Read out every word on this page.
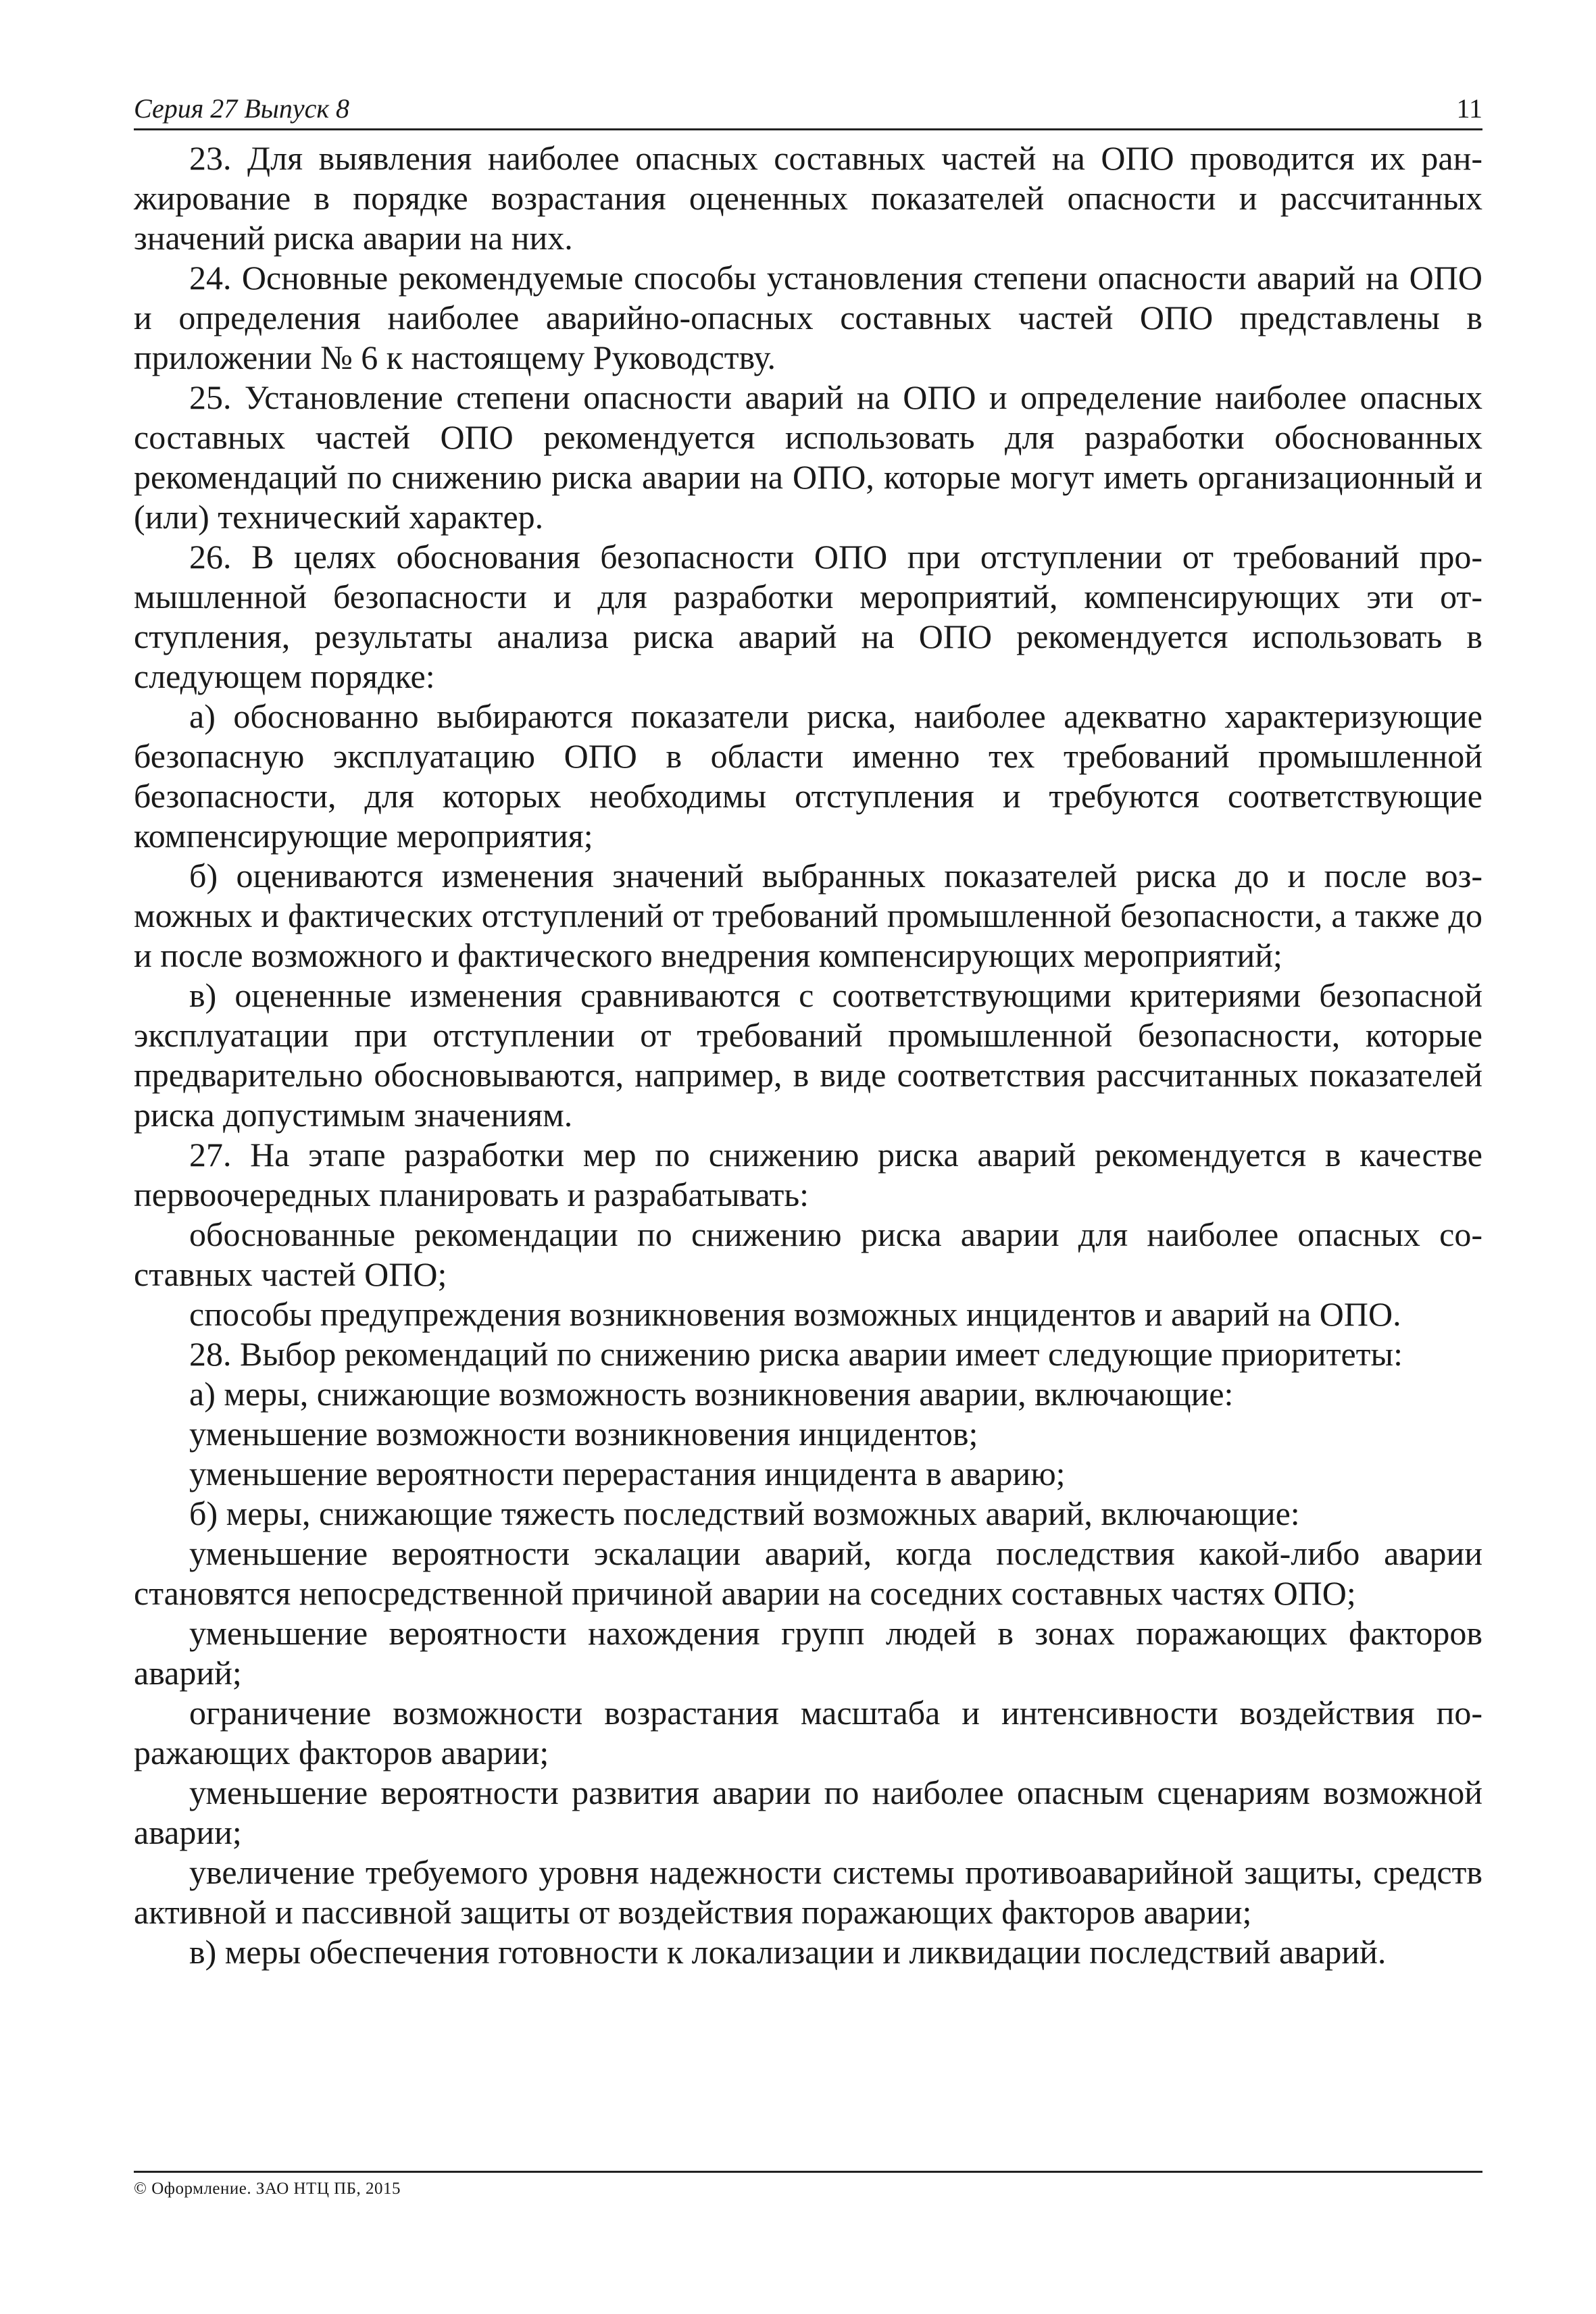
Серия 27 Выпуск 8	11

23. Для выявления наиболее опасных составных частей на ОПО проводится их ранжирование в порядке возрастания оцененных показателей опасности и рассчитанных значений риска аварии на них.

24. Основные рекомендуемые способы установления степени опасности аварий на ОПО и определения наиболее аварийно-опасных составных частей ОПО представлены в приложении № 6 к настоящему Руководству.

25. Установление степени опасности аварий на ОПО и определение наиболее опасных составных частей ОПО рекомендуется использовать для разработки обоснованных рекомендаций по снижению риска аварии на ОПО, которые могут иметь организационный и (или) технический характер.

26. В целях обоснования безопасности ОПО при отступлении от требований промышленной безопасности и для разработки мероприятий, компенсирующих эти отступления, результаты анализа риска аварий на ОПО рекомендуется использовать в следующем порядке:

а) обоснованно выбираются показатели риска, наиболее адекватно характеризующие безопасную эксплуатацию ОПО в области именно тех требований промышленной безопасности, для которых необходимы отступления и требуются соответствующие компенсирующие мероприятия;

б) оцениваются изменения значений выбранных показателей риска до и после возможных и фактических отступлений от требований промышленной безопасности, а также до и после возможного и фактического внедрения компенсирующих мероприятий;

в) оцененные изменения сравниваются с соответствующими критериями безопасной эксплуатации при отступлении от требований промышленной безопасности, которые предварительно обосновываются, например, в виде соответствия рассчитанных показателей риска допустимым значениям.

27. На этапе разработки мер по снижению риска аварий рекомендуется в качестве первоочередных планировать и разрабатывать:

обоснованные рекомендации по снижению риска аварии для наиболее опасных составных частей ОПО;

способы предупреждения возникновения возможных инцидентов и аварий на ОПО.

28. Выбор рекомендаций по снижению риска аварии имеет следующие приоритеты:

а) меры, снижающие возможность возникновения аварии, включающие:

уменьшение возможности возникновения инцидентов;

уменьшение вероятности перерастания инцидента в аварию;

б) меры, снижающие тяжесть последствий возможных аварий, включающие:

уменьшение вероятности эскалации аварий, когда последствия какой-либо аварии становятся непосредственной причиной аварии на соседних составных частях ОПО;

уменьшение вероятности нахождения групп людей в зонах поражающих факторов аварий;

ограничение возможности возрастания масштаба и интенсивности воздействия поражающих факторов аварии;

уменьшение вероятности развития аварии по наиболее опасным сценариям возможной аварии;

увеличение требуемого уровня надежности системы противоаварийной защиты, средств активной и пассивной защиты от воздействия поражающих факторов аварии;

в) меры обеспечения готовности к локализации и ликвидации последствий аварий.

© Оформление. ЗАО НТЦ ПБ, 2015
